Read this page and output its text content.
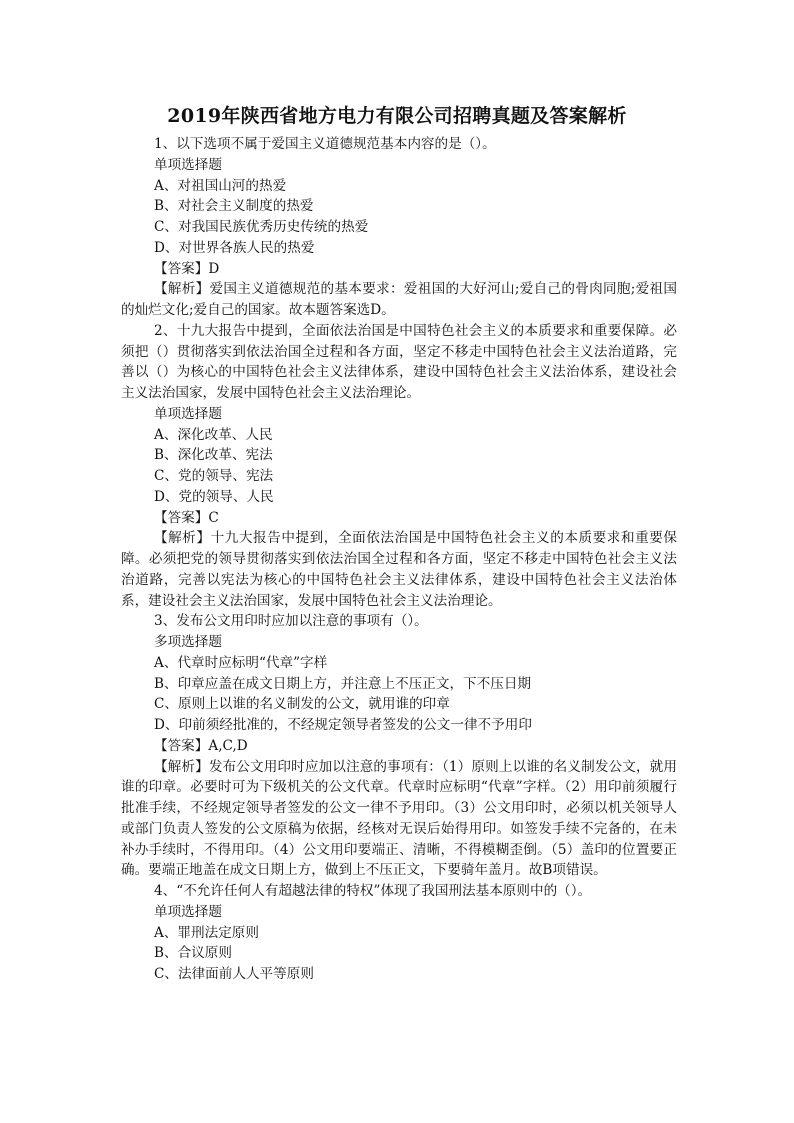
2019年陕西省地方电力有限公司招聘真题及答案解析

1、以下选项不属于爱国主义道德规范基本内容的是（）。

单项选择题

A、对祖国山河的热爱

B、对社会主义制度的热爱

C、对我国民族优秀历史传统的热爱

D、对世界各族人民的热爱

【答案】D

【解析】爱国主义道德规范的基本要求：爱祖国的大好河山;爱自己的骨肉同胞;爱祖国的灿烂文化;爱自己的国家。故本题答案选D。

2、十九大报告中提到，全面依法治国是中国特色社会主义的本质要求和重要保障。必须把（）贯彻落实到依法治国全过程和各方面，坚定不移走中国特色社会主义法治道路，完善以（）为核心的中国特色社会主义法律体系，建设中国特色社会主义法治体系，建设社会主义法治国家，发展中国特色社会主义法治理论。

单项选择题

A、深化改革、人民

B、深化改革、宪法

C、党的领导、宪法

D、党的领导、人民

【答案】C

【解析】十九大报告中提到，全面依法治国是中国特色社会主义的本质要求和重要保障。必须把党的领导贯彻落实到依法治国全过程和各方面，坚定不移走中国特色社会主义法治道路，完善以宪法为核心的中国特色社会主义法律体系，建设中国特色社会主义法治体系，建设社会主义法治国家，发展中国特色社会主义法治理论。

3、发布公文用印时应加以注意的事项有（）。

多项选择题

A、代章时应标明“代章”字样

B、印章应盖在成文日期上方，并注意上不压正文，下不压日期

C、原则上以谁的名义制发的公文，就用谁的印章

D、印前须经批准的，不经规定领导者签发的公文一律不予用印

【答案】A,C,D

【解析】发布公文用印时应加以注意的事项有：（1）原则上以谁的名义制发公文，就用谁的印章。必要时可为下级机关的公文代章。代章时应标明“代章”字样。（2）用印前须履行批准手续，不经规定领导者签发的公文一律不予用印。（3）公文用印时，必须以机关领导人或部门负责人签发的公文原稿为依据，经核对无误后始得用印。如签发手续不完备的，在未补办手续时，不得用印。（4）公文用印要端正、清晰，不得模糊歪倒。（5）盖印的位置要正确。要端正地盖在成文日期上方，做到上不压正文，下要骑年盖月。故B项错误。

4、“不允许任何人有超越法律的特权”体现了我国刑法基本原则中的（）。

单项选择题

A、罪刑法定原则

B、合议原则

C、法律面前人人平等原则
